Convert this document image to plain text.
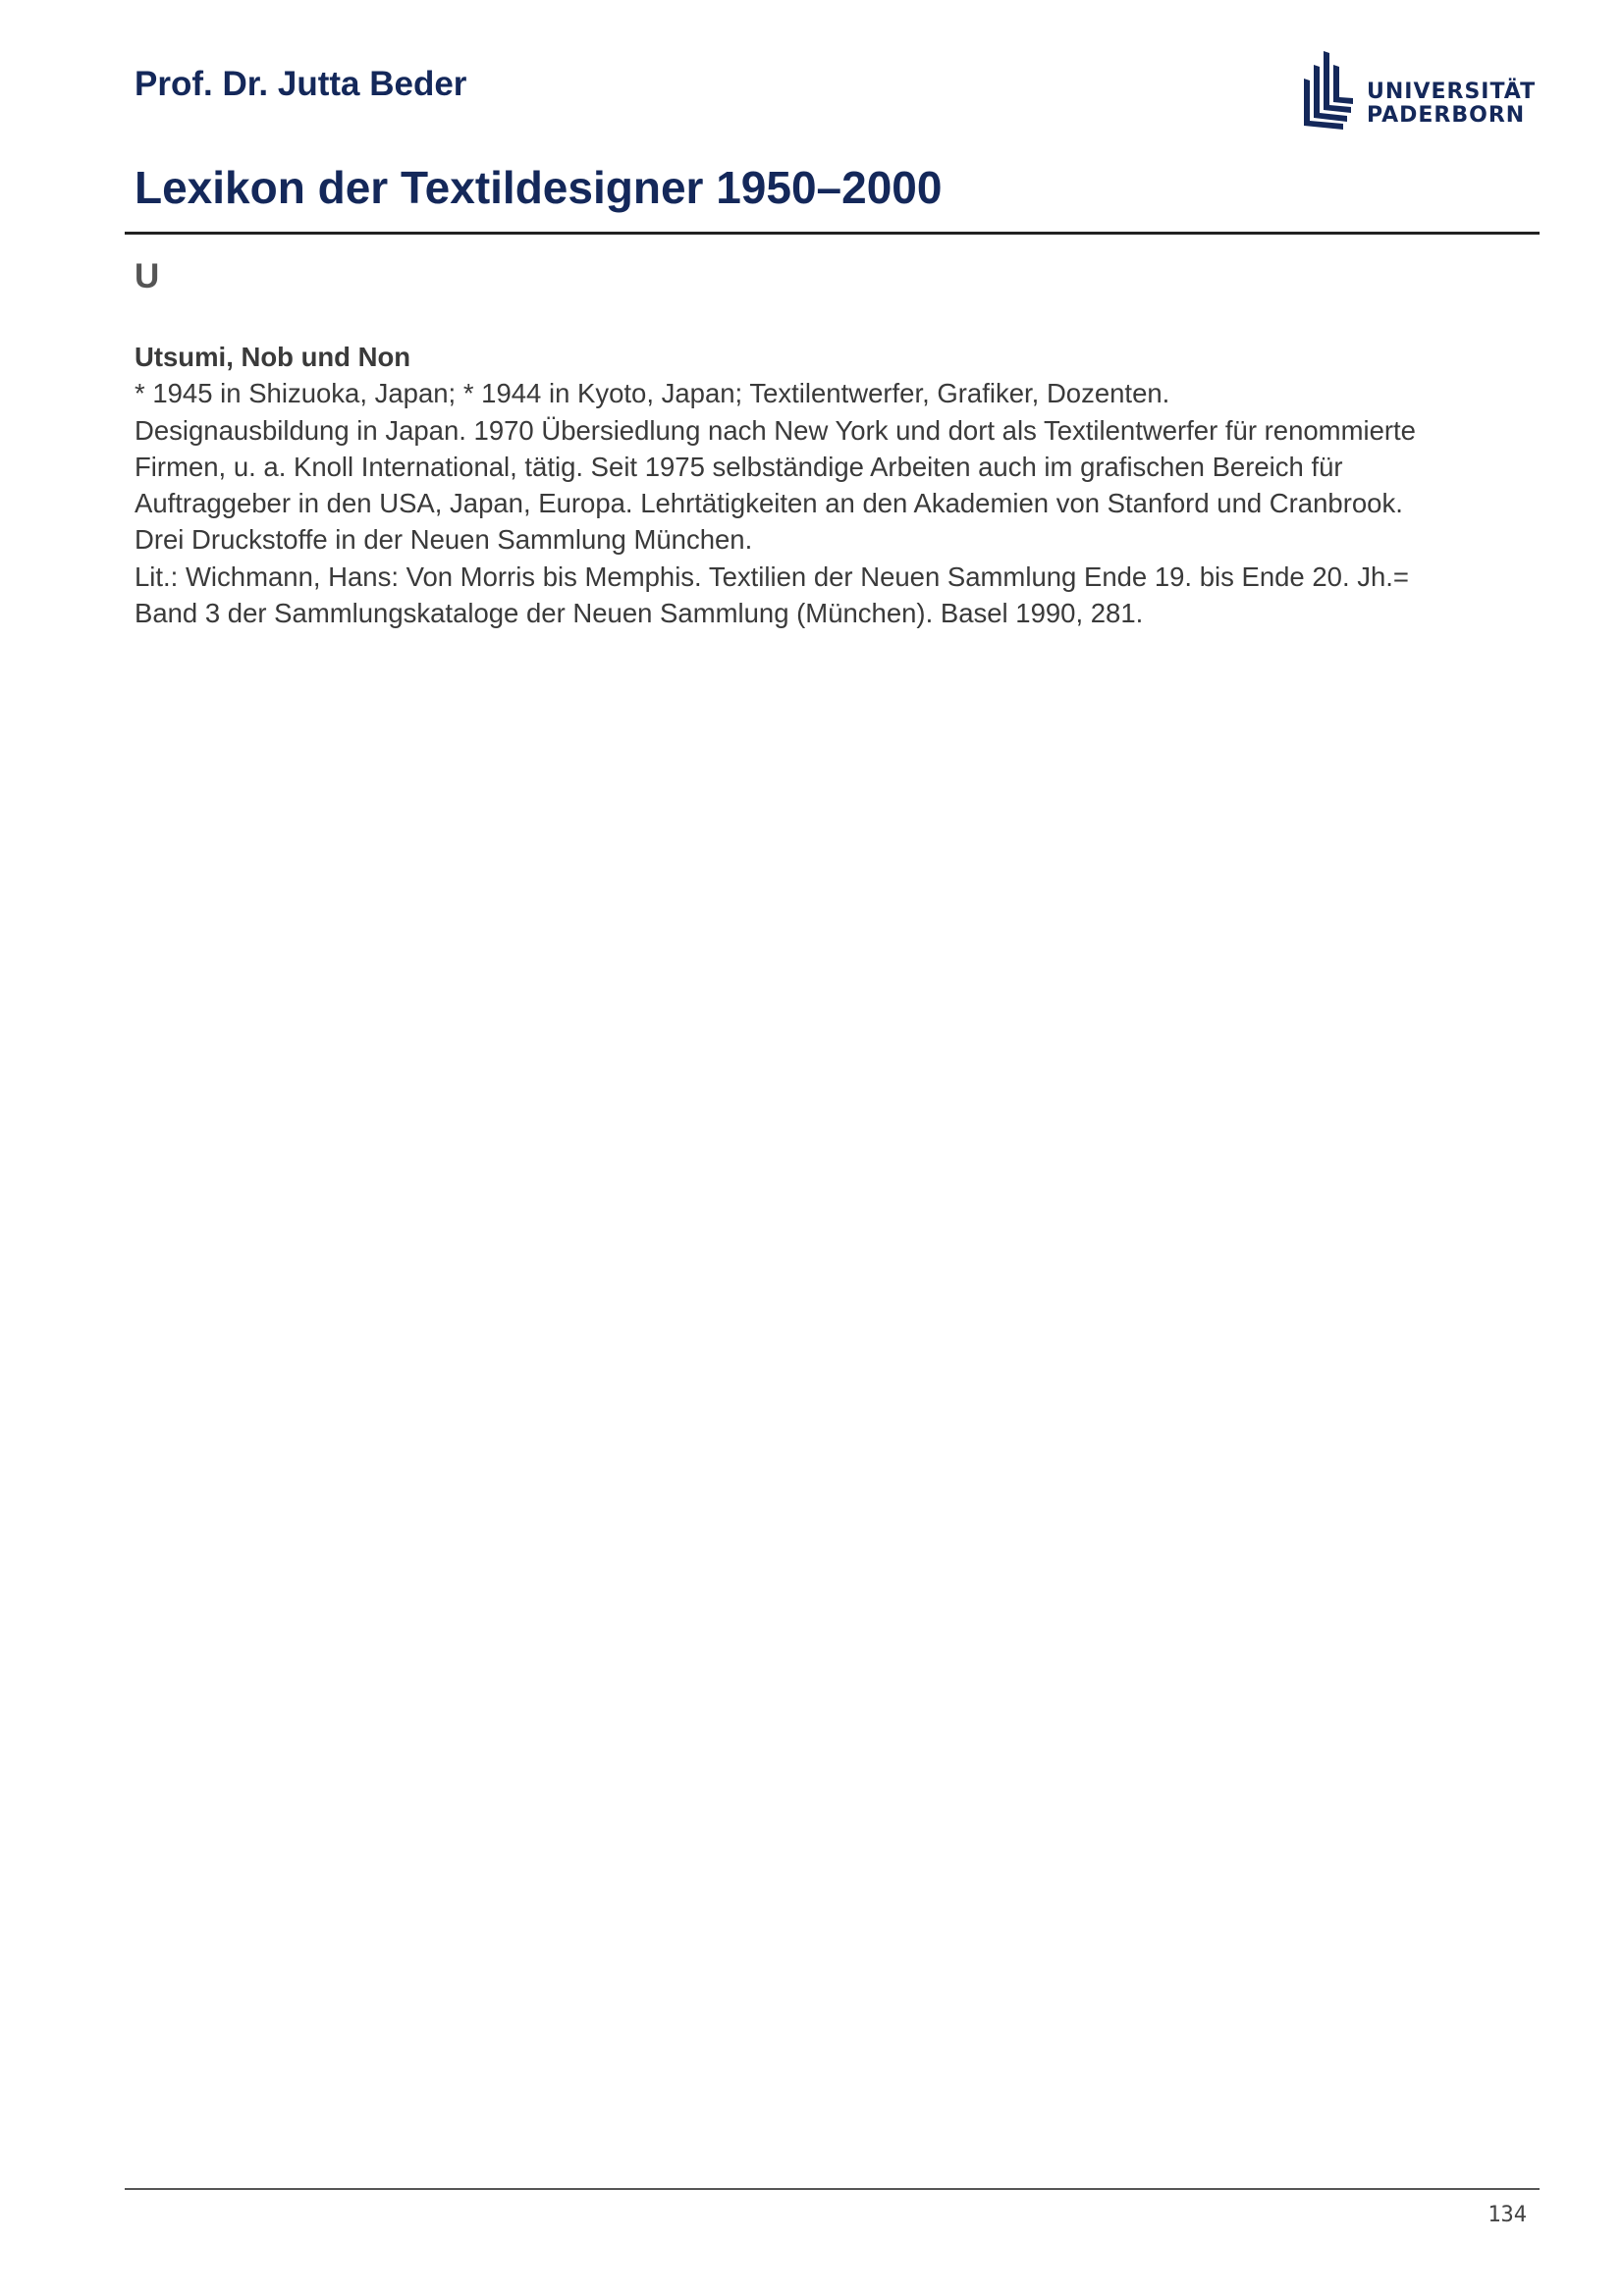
Prof. Dr. Jutta Beder	UNIVERSITÄT
PADERBORN
Lexikon der Textildesigner 1950–2000
U
Utsumi, Nob und Non
* 1945 in Shizuoka, Japan; * 1944 in Kyoto, Japan; Textilentwerfer, Grafiker, Dozenten.
Designausbildung in Japan. 1970 Übersiedlung nach New York und dort als Textilentwerfer für renommierte
Firmen, u. a. Knoll International, tätig. Seit 1975 selbständige Arbeiten auch im grafischen Bereich für
Auftraggeber in den USA, Japan, Europa. Lehrtätigkeiten an den Akademien von Stanford und Cranbrook.
Drei Druckstoffe in der Neuen Sammlung München.
Lit.: Wichmann, Hans: Von Morris bis Memphis. Textilien der Neuen Sammlung Ende 19. bis Ende 20. Jh.=
Band 3 der Sammlungskataloge der Neuen Sammlung (München). Basel 1990, 281.
134
